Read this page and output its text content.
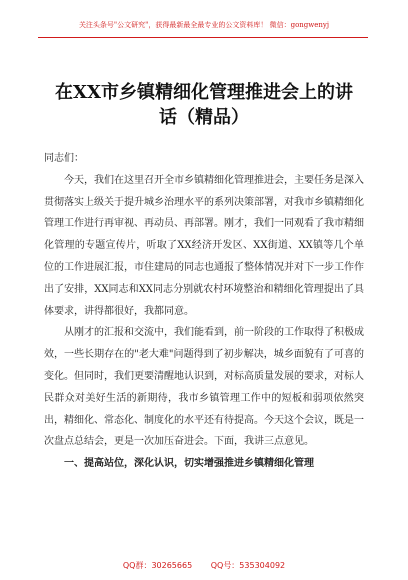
关注头条号"公文研究"，获得最新最全最专业的公文资料库！ 微信：gongwenyj
在XX市乡镇精细化管理推进会上的讲
话（精品）

同志们：

今天，我们在这里召开全市乡镇精细化管理推进会，主要任务是深入贯彻落实上级关于提升城乡治理水平的系列决策部署，对我市乡镇精细化管理工作进行再审视、再动员、再部署。刚才，我们一同观看了我市精细化管理的专题宣传片，听取了XX经济开发区、XX街道、XX镇等几个单位的工作进展汇报，市住建局的同志也通报了整体情况并对下一步工作作出了安排，XX同志和XX同志分别就农村环境整治和精细化管理提出了具体要求，讲得都很好，我都同意。

从刚才的汇报和交流中，我们能看到，前一阶段的工作取得了积极成效，一些长期存在的"老大难"问题得到了初步解决，城乡面貌有了可喜的变化。但同时，我们更要清醒地认识到，对标高质量发展的要求，对标人民群众对美好生活的新期待，我市乡镇管理工作中的短板和弱项依然突出，精细化、常态化、制度化的水平还有待提高。今天这个会议，既是一次盘点总结会，更是一次加压奋进会。下面，我讲三点意见。

一、提高站位，深化认识，切实增强推进乡镇精细化管理

QQ群：30265665 QQ号：535304092
